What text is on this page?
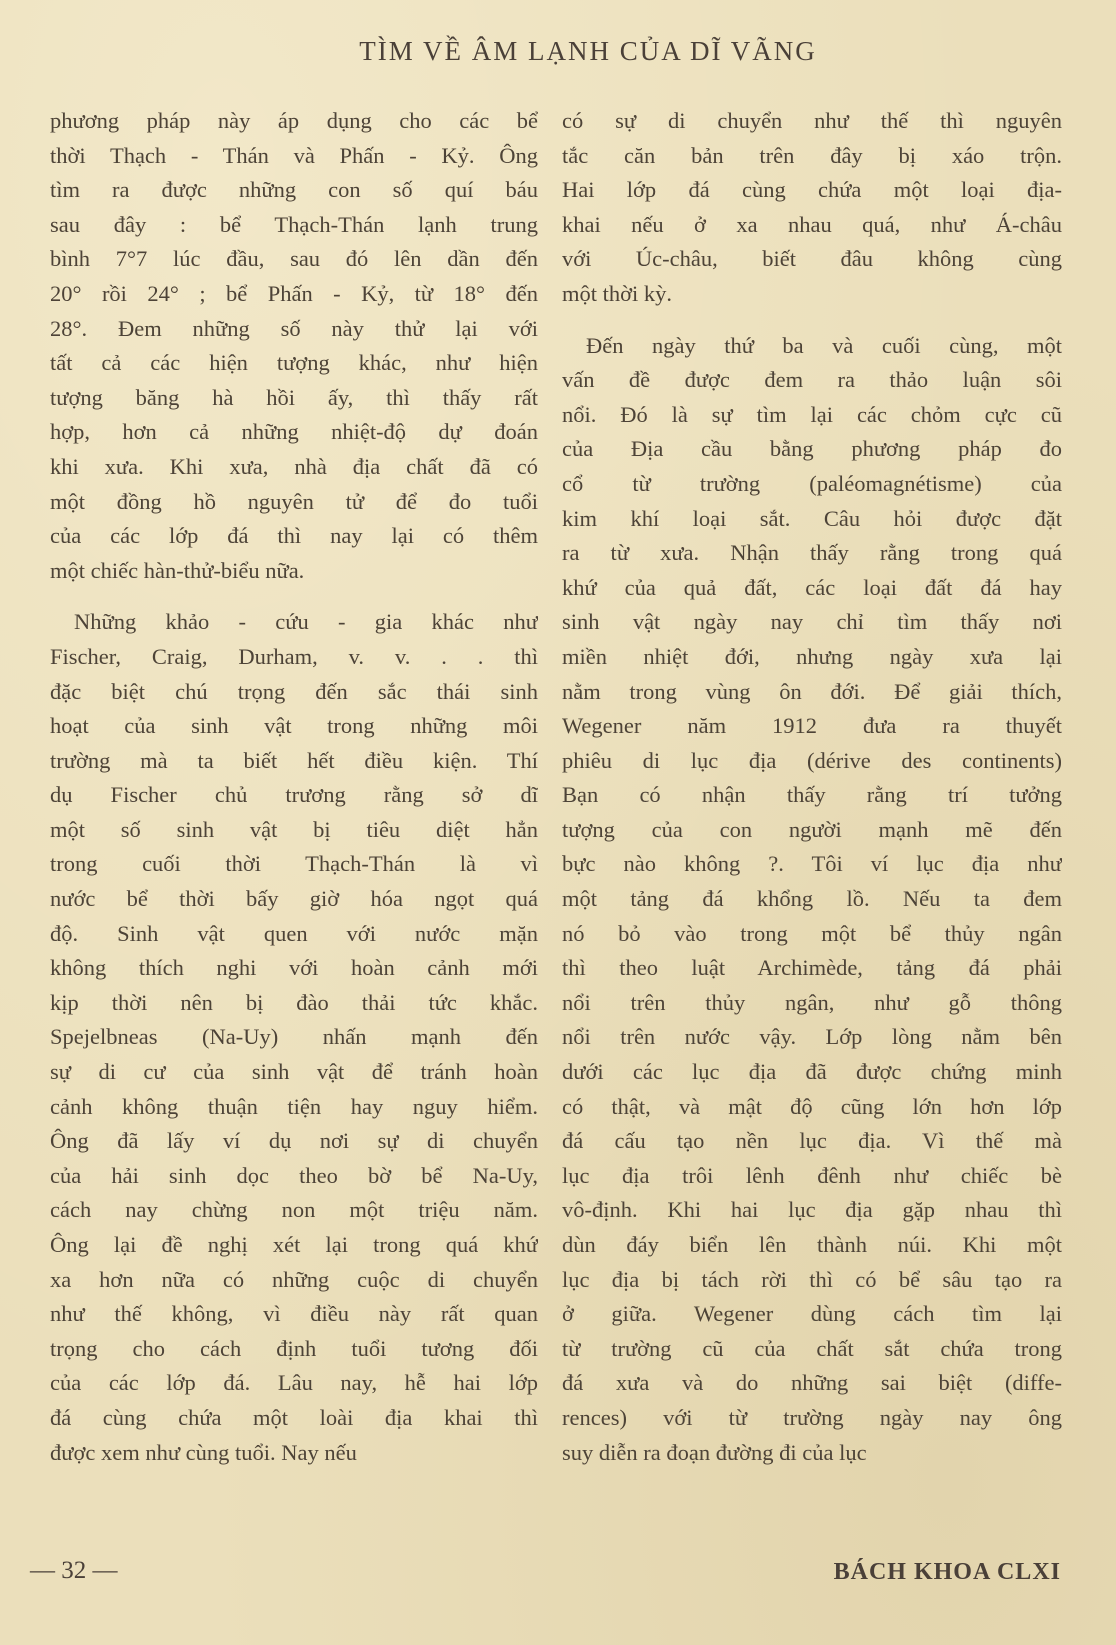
TÌM VỀ ÂM LẠNH CỦA DĨ VÃNG
phương pháp này áp dụng cho các bể
thời Thạch - Thán và Phấn - Kỷ. Ông
tìm ra được những con số quí báu
sau đây : bể Thạch-Thán lạnh trung
bình 7°7 lúc đầu, sau đó lên dần đến
20° rồi 24° ; bể Phấn - Kỷ, từ 18° đến
28°. Đem những số này thử lại với
tất cả các hiện tượng khác, như hiện
tượng băng hà hồi ấy, thì thấy rất
hợp, hơn cả những nhiệt-độ dự đoán
khi xưa. Khi xưa, nhà địa chất đã có
một đồng hồ nguyên tử để đo tuổi
của các lớp đá thì nay lại có thêm
một chiếc hàn-thử-biểu nữa.
Những khảo - cứu - gia khác như
Fischer, Craig, Durham, v. v. . . thì
đặc biệt chú trọng đến sắc thái sinh
hoạt của sinh vật trong những môi
trường mà ta biết hết điều kiện. Thí
dụ Fischer chủ trương rằng sở dĩ
một số sinh vật bị tiêu diệt hẳn
trong cuối thời Thạch-Thán là vì
nước bể thời bấy giờ hóa ngọt quá
độ. Sinh vật quen với nước mặn
không thích nghi với hoàn cảnh mới
kịp thời nên bị đào thải tức khắc.
Spejelbneas (Na-Uy) nhấn mạnh đến
sự di cư của sinh vật để tránh hoàn
cảnh không thuận tiện hay nguy hiểm.
Ông đã lấy ví dụ nơi sự di chuyển
của hải sinh dọc theo bờ bể Na-Uy,
cách nay chừng non một triệu năm.
Ông lại đề nghị xét lại trong quá khứ
xa hơn nữa có những cuộc di chuyển
như thế không, vì điều này rất quan
trọng cho cách định tuổi tương đối
của các lớp đá. Lâu nay, hễ hai lớp
đá cùng chứa một loài địa khai thì
được xem như cùng tuổi. Nay nếu
có sự di chuyển như thế thì nguyên
tắc căn bản trên đây bị xáo trộn.
Hai lớp đá cùng chứa một loại địa-
khai nếu ở xa nhau quá, như Á-châu
với Úc-châu, biết đâu không cùng
một thời kỳ.
Đến ngày thứ ba và cuối cùng, một
vấn đề được đem ra thảo luận sôi
nổi. Đó là sự tìm lại các chỏm cực cũ
của Địa cầu bằng phương pháp đo
cổ từ trường (paléomagnétisme) của
kim khí loại sắt. Câu hỏi được đặt
ra từ xưa. Nhận thấy rằng trong quá
khứ của quả đất, các loại đất đá hay
sinh vật ngày nay chỉ tìm thấy nơi
miền nhiệt đới, nhưng ngày xưa lại
nằm trong vùng ôn đới. Để giải thích,
Wegener năm 1912 đưa ra thuyết
phiêu di lục địa (dérive des continents)
Bạn có nhận thấy rằng trí tưởng
tượng của con người mạnh mẽ đến
bực nào không ?. Tôi ví lục địa như
một tảng đá khổng lồ. Nếu ta đem
nó bỏ vào trong một bể thủy ngân
thì theo luật Archimède, tảng đá phải
nổi trên thủy ngân, như gỗ thông
nổi trên nước vậy. Lớp lòng nằm bên
dưới các lục địa đã được chứng minh
có thật, và mật độ cũng lớn hơn lớp
đá cấu tạo nền lục địa. Vì thế mà
lục địa trôi lênh đênh như chiếc bè
vô-định. Khi hai lục địa gặp nhau thì
dùn đáy biển lên thành núi. Khi một
lục địa bị tách rời thì có bể sâu tạo ra
ở giữa. Wegener dùng cách tìm lại
từ trường cũ của chất sắt chứa trong
đá xưa và do những sai biệt (diffe-
rences) với từ trường ngày nay ông
suy diễn ra đoạn đường đi của lục
— 32 —	BÁCH KHOA CLXI
